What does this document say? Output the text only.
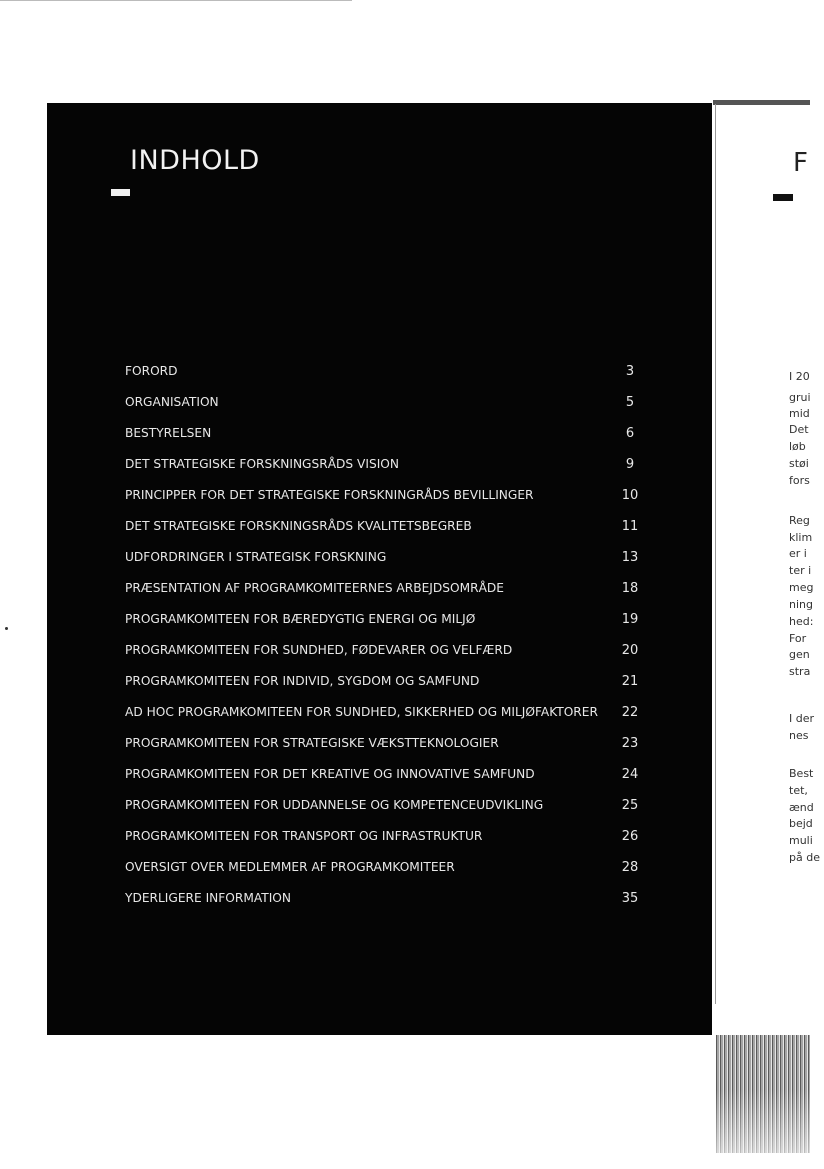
INDHOLD
FORORD	3
ORGANISATION	5
BESTYRELSEN	6
DET STRATEGISKE FORSKNINGSRÅDS VISION	9
PRINCIPPER FOR DET STRATEGISKE FORSKNINGRÅDS BEVILLINGER	10
DET STRATEGISKE FORSKNINGSRÅDS KVALITETSBEGREB	11
UDFORDRINGER I STRATEGISK FORSKNING	13
PRÆSENTATION AF PROGRAMKOMITEERNES ARBEJDSOMRÅDE	18
PROGRAMKOMITEEN FOR BÆREDYGTIG ENERGI OG MILJØ	19
PROGRAMKOMITEEN FOR SUNDHED, FØDEVARER OG VELFÆRD	20
PROGRAMKOMITEEN FOR INDIVID, SYGDOM OG SAMFUND	21
AD HOC PROGRAMKOMITEEN FOR SUNDHED, SIKKERHED OG MILJØFAKTORER	22
PROGRAMKOMITEEN FOR STRATEGISKE VÆKSTTEKNOLOGIER	23
PROGRAMKOMITEEN FOR DET KREATIVE OG INNOVATIVE SAMFUND	24
PROGRAMKOMITEEN FOR UDDANNELSE OG KOMPETENCEUDVIKLING	25
PROGRAMKOMITEEN FOR TRANSPORT OG INFRASTRUKTUR	26
OVERSIGT OVER MEDLEMMER AF PROGRAMKOMITEER	28
YDERLIGERE INFORMATION	35
F
I 20
grui
mid
Det
løb
støi
fors
Reg
klim
er i
ter i
meg
ning
hed:
For
gen
stra
I der
nes
Best
tet,
ænd
bejd
muli
på de
